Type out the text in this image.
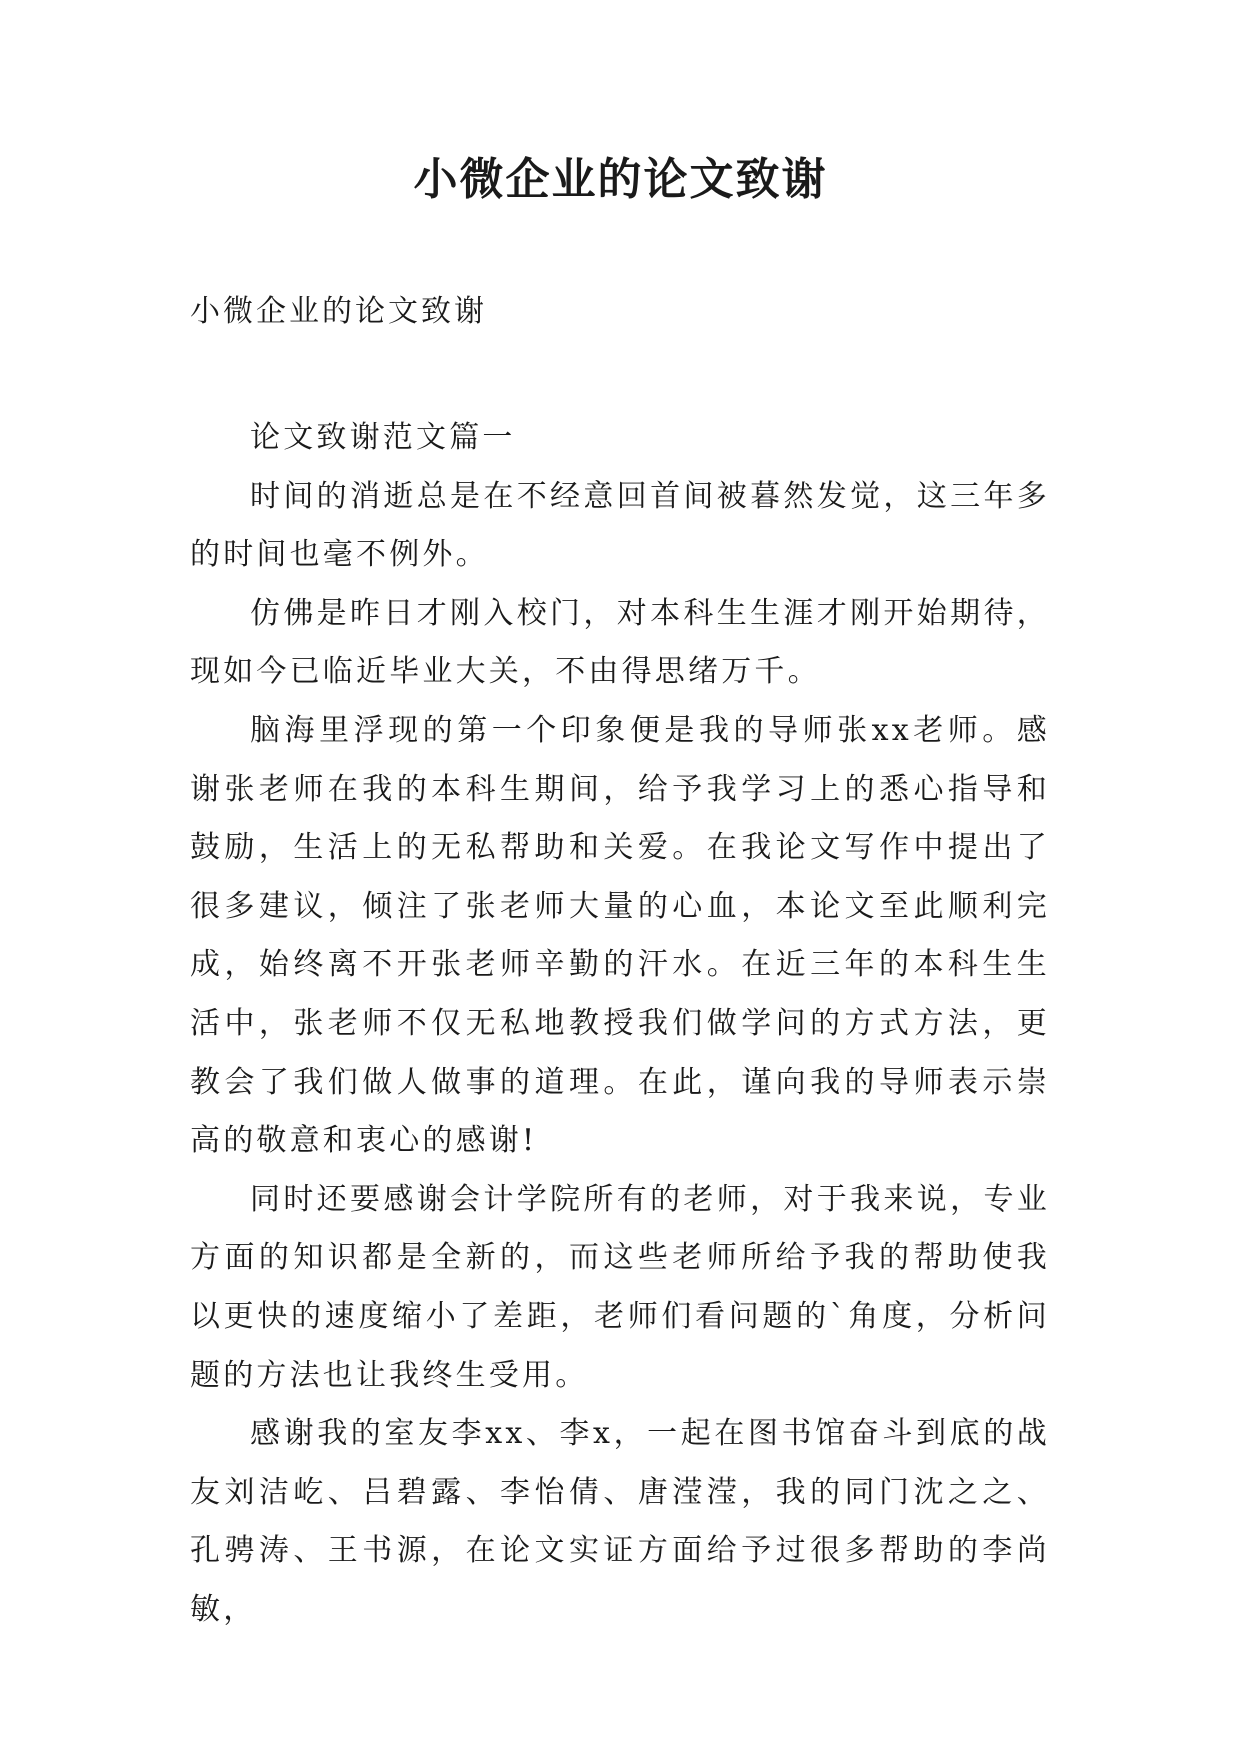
小微企业的论文致谢
小微企业的论文致谢

论文致谢范文篇一

时间的消逝总是在不经意回首间被暮然发觉，这三年多的时间也毫不例外。

仿佛是昨日才刚入校门，对本科生生涯才刚开始期待，现如今已临近毕业大关，不由得思绪万千。

脑海里浮现的第一个印象便是我的导师张xx老师。感谢张老师在我的本科生期间，给予我学习上的悉心指导和鼓励，生活上的无私帮助和关爱。在我论文写作中提出了很多建议，倾注了张老师大量的心血，本论文至此顺利完成，始终离不开张老师辛勤的汗水。在近三年的本科生生活中，张老师不仅无私地教授我们做学问的方式方法，更教会了我们做人做事的道理。在此，谨向我的导师表示崇高的敬意和衷心的感谢!

同时还要感谢会计学院所有的老师，对于我来说，专业方面的知识都是全新的，而这些老师所给予我的帮助使我以更快的速度缩小了差距，老师们看问题的`角度，分析问题的方法也让我终生受用。

感谢我的室友李xx、李x，一起在图书馆奋斗到底的战友刘洁屹、吕碧露、李怡倩、唐滢滢，我的同门沈之之、孔骋涛、王书源，在论文实证方面给予过很多帮助的李尚敏，
